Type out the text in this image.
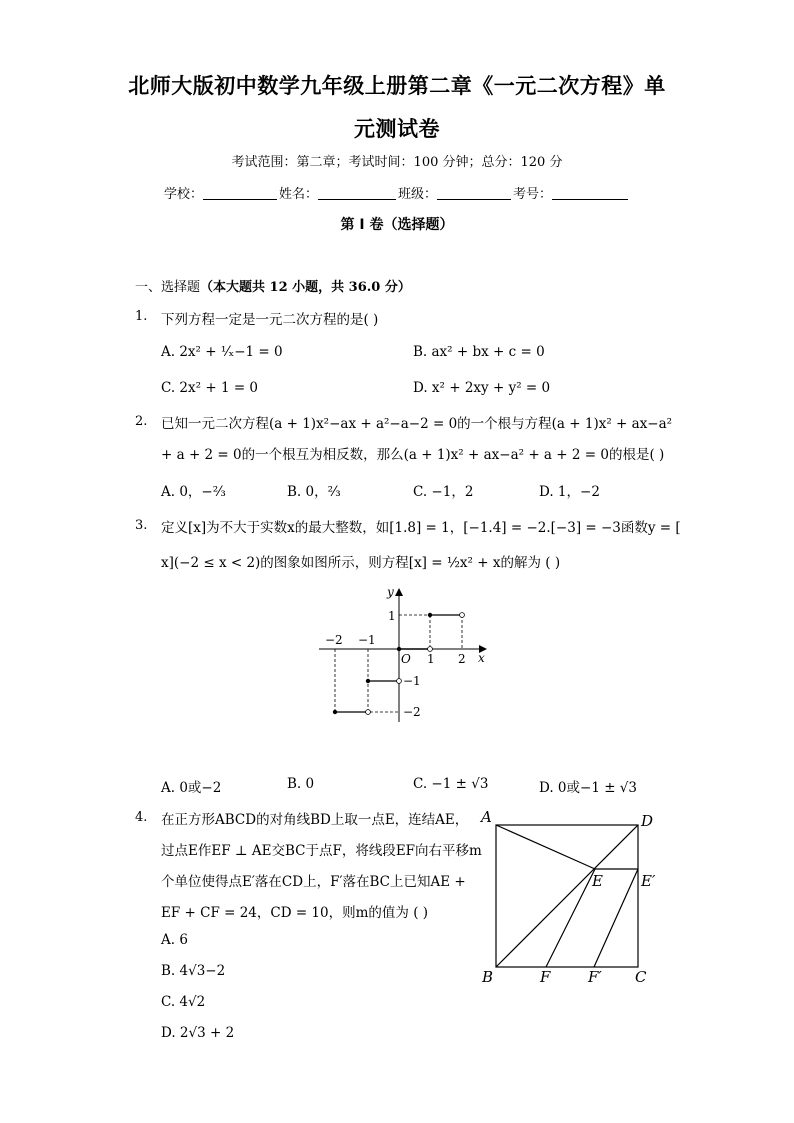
北师大版初中数学九年级上册第二章《一元二次方程》单
元测试卷
考试范围：第二章；考试时间：100 分钟；总分：120 分
学校：	姓名：	班级：	考号：
第 I 卷（选择题）
一、选择题（本大题共 12 小题，共 36.0 分）
1. 下列方程一定是一元二次方程的是( )
A. 2x² + ¹⁄ₓ−1 = 0	B. ax² + bx + c = 0
C. 2x² + 1 = 0	D. x² + 2xy + y² = 0
2. 已知一元二次方程(a + 1)x²−ax + a²−a−2 = 0的一个根与方程(a + 1)x² + ax−a²
+ a + 2 = 0的一个根互为相反数，那么(a + 1)x² + ax−a² + a + 2 = 0的根是( )
A. 0，−²⁄₃	B. 0，²⁄₃	C. −1，2	D. 1，−2
3. 定义[x]为不大于实数x的最大整数，如[1.8] = 1，[−1.4] = −2.[−3] = −3函数y = [
x](−2 ≤ x < 2)的图象如图所示，则方程[x] = ½x² + x的解为 ( )
y
x
O
−2 −1
1 2
1
−1
−2
A. 0或−2	B. 0	C. −1 ± √3	D. 0或−1 ± √3
4. 在正方形ABCD的对角线BD上取一点E，连结AE，
过点E作EF ⊥ AE交BC于点F，将线段EF向右平移m
个单位使得点E′落在CD上，F′落在BC上已知AE +
EF + CF = 24，CD = 10，则m的值为 ( )
A. 6
B. 4√3−2
C. 4√2
D. 2√3 + 2
A	D
E	E′
B	F	F′ C
